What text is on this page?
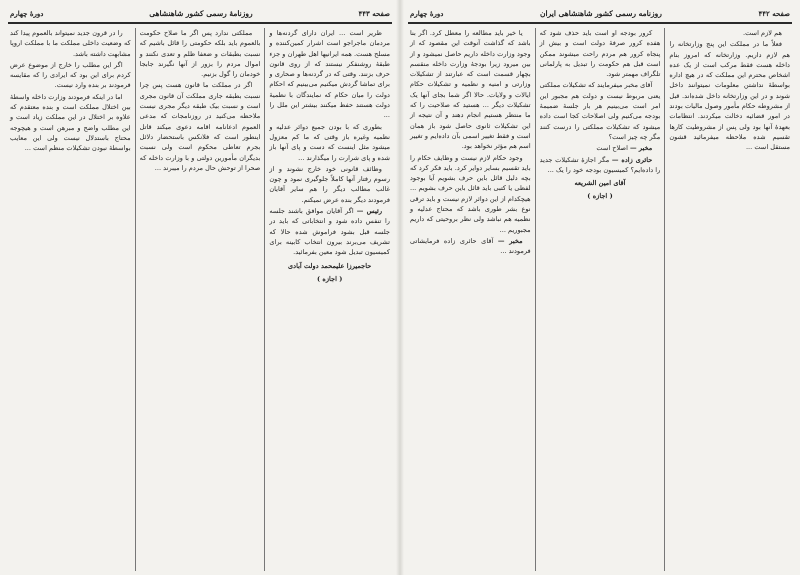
صفحه ۴۴۳
روزنامهٔ رسمی کشور شاهنشاهی
دورهٔ چهارم

ظریر است ... ایران دارای گردنه‌ها و مردمان ماجراجو است اشرار کمین‌کننده و مسلح هست. همه ایرانیها اهل طهران و جزء طبقهٔ روشنفکر نیستند که از روی قانون حرف بزنند. وقتی که در گردنه‌ها و صحاری و برای تماشا گردش میکنیم می‌بینیم که احکام دولت را میان حکام که نمایندگان با نظمیهٔ دولت هستند حفظ میکنند بیشتر این ملل را ...

بطوری که با بودن جمیع دوائر عدلیه و نظمیه وغیره باز وقتی که ما کم معزول میشود مثل اینست که دست و پای آنها باز شده و پای شرارت را میگذارند ...

وظائف قانونی خود خارج نشوند و از رسوم رفتار آنها کاملاً جلوگیری نمود و چون غالب مطالب دیگر را هم سایر آقایان فرمودند دیگر بنده عرض نمیکنم.

رئیس — اگر آقایان موافق باشند جلسه را تنفس داده شود و انتخاباتی که باید در جلسه قبل بشود فراموش شده حالا که تشریف می‌برند بیرون انتخاب کابینه برای کمیسیون تبدیل شود معین بفرمائید.

حاجمیرزا علیمحمد دولت آبادی

( اجازه )

مملکتی ندارد پس اگر ما صلاح حکومت بالعموم باید بلکه حکومتی را قائل باشیم که نسبت بطبقات و ضعفا ظلم و تعدی نکنند و اموال مردم را بزور از آنها نگیرند جابجا خودمان را گول بزنیم.

اگر در مملکت ما قانون هست پس چرا نسبت بطبقه جاری مملکت آن قانون مجری است و نسبت بیک طبقه دیگر مجری نیست ملاحظه می‌کنید در روزنامجات که مدعی العموم ادعانامه اقامه دعوی میکند قاتل اینطور است که فلانکس باستحضار دلائل بجرم تعاطی محکوم است ولی نسبت بدیگران مأمورین دولتی و با وزارت داخله که صحرا از توحش حال مردم را میبرند ...

را در قرون جدید نمیتواند بالعموم پیدا کند که وضعیت داخلی مملکت ما با مملکت اروپا مشابهت داشته باشد.

اگر این مطلب را خارج از موضوع عرض کردم برای این بود که ایرادی را که مقایسه فرمودند بر بنده وارد نیست.

اما در اینکه فرمودند وزارت داخله واسطهٔ بین اختلال مملکت است و بنده معتقدم که علاوه بر اختلال در این مملکت زیاد است و این مطلب واضح و مبرهن است و هیچوجه محتاج باستدلال نیست ولی این معایب بواسطهٔ نبودن تشکیلات منظم است ...

صفحه ۴۴۲
روزنامه رسمی کشور شاهنشاهی ایران
دورهٔ چهارم

هم لازم است.

فعلاً ما در مملکت این پنج وزارتخانه را هم لازم داریم. وزارتخانه که امروز بنام داخله هست فقط مرکب است از یک عده اشخاص محترم این مملکت که در هیچ اداره بواسطهٔ نداشتن معلومات نمیتوانند داخل شوند و در این وزارتخانه داخل شده‌اند. قبل از مشروطه حکام مأمور وصول مالیات بودند در امور قضائیه دخالت میکردند. انتظامات بعهدهٔ آنها بود ولی پس از مشروطیت کارها تقسیم شده ملاحظه میفرمائید قشون مستقل است ...

کرور بودجه او است باید حذف شود که هفده کرور صرفهٔ دولت است و بیش از پنجاه کرور هم مردم راحت میشوند ممکن است قبل هم حکومت را تبدیل به پارلمانی تلگراف مهمتر شود.

آقای مخبر میفرمایند که تشکیلات مملکتی یعنی مربوط نیست و دولت هم مجبور این امر است می‌بینیم هر بار جلسهٔ ضمیمهٔ بودجه می‌کنیم ولی اصلاحات کجا است داده میشود که تشکیلات مملکتی را درست کنند مگر چه چیز است؟

مخبر — اصلاح است

حائری زاده — مگر اجازهٔ تشکیلات جدید را داده‌ایم؟ کمیسیون بودجه خود را یک ...

آقای امین الشریعه

( اجازه )

یا خیر باید مطالعه را معطل کرد. اگر بنا باشد که گذاشت آنوقت این مقصود که از وجود وزارت داخله داریم حاصل نمیشود و از بین میرود زیرا بودجهٔ وزارت داخله منقسم بچهار قسمت است که عبارتند از تشکیلات وزارتی و امنیه و نظمیه و تشکیلات حکام ایالات و ولایات. حالا اگر شما بجای آنها یک تشکیلات دیگر ... هستید که صلاحیت را که ما منتظر هستیم انجام دهند و آن نتیجه از این تشکیلات ثانوی حاصل شود باز همان است و فقط تغییر اسمی بآن داده‌ایم و تغییر اسم هم مؤثر نخواهد بود.

وجود حکام لازم نیست و وظایف حکام را باید تقسیم بسایر دوایر کرد. باید فکر کرد که بچه دلیل قائل باین حرف بشویم آیا بوجود لفظی یا کتبی باید قائل باین حرف بشویم ... هیچکدام از این دوائر لازم نیست و باید ترقی نوع بشر طوری باشد که محتاج عدلیه و نظمیه هم نباشد ولی نظر بروحیتی که داریم مجبوریم ...

مخبر — آقای حائری زاده فرمایشاتی فرمودند ...
